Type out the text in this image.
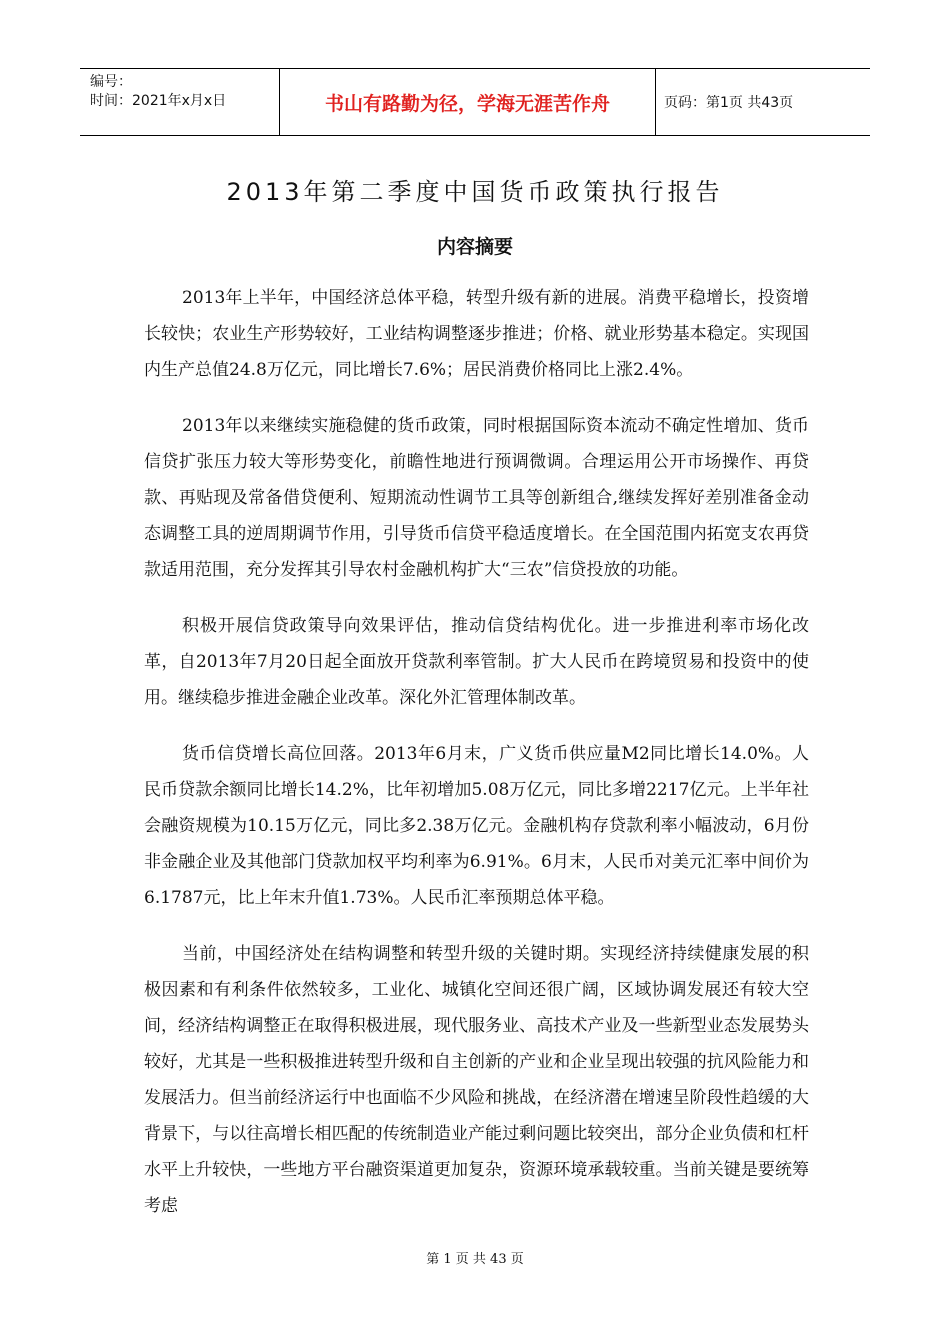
编号：
时间：2021年x月x日	书山有路勤为径，学海无涯苦作舟	页码：第1页 共43页
2013年第二季度中国货币政策执行报告
内容摘要

2013年上半年，中国经济总体平稳，转型升级有新的进展。消费平稳增长，投资增长较快；农业生产形势较好，工业结构调整逐步推进；价格、就业形势基本稳定。实现国内生产总值24.8万亿元，同比增长7.6%；居民消费价格同比上涨2.4%。

2013年以来继续实施稳健的货币政策，同时根据国际资本流动不确定性增加、货币信贷扩张压力较大等形势变化，前瞻性地进行预调微调。合理运用公开市场操作、再贷款、再贴现及常备借贷便利、短期流动性调节工具等创新组合,继续发挥好差别准备金动态调整工具的逆周期调节作用，引导货币信贷平稳适度增长。在全国范围内拓宽支农再贷款适用范围，充分发挥其引导农村金融机构扩大“三农”信贷投放的功能。

积极开展信贷政策导向效果评估，推动信贷结构优化。进一步推进利率市场化改革，自2013年7月20日起全面放开贷款利率管制。扩大人民币在跨境贸易和投资中的使用。继续稳步推进金融企业改革。深化外汇管理体制改革。

货币信贷增长高位回落。2013年6月末，广义货币供应量M2同比增长14.0%。人民币贷款余额同比增长14.2%，比年初增加5.08万亿元，同比多增2217亿元。上半年社会融资规模为10.15万亿元，同比多2.38万亿元。金融机构存贷款利率小幅波动，6月份非金融企业及其他部门贷款加权平均利率为6.91%。6月末，人民币对美元汇率中间价为6.1787元，比上年末升值1.73%。人民币汇率预期总体平稳。

当前，中国经济处在结构调整和转型升级的关键时期。实现经济持续健康发展的积极因素和有利条件依然较多，工业化、城镇化空间还很广阔，区域协调发展还有较大空间，经济结构调整正在取得积极进展，现代服务业、高技术产业及一些新型业态发展势头较好，尤其是一些积极推进转型升级和自主创新的产业和企业呈现出较强的抗风险能力和发展活力。但当前经济运行中也面临不少风险和挑战，在经济潜在增速呈阶段性趋缓的大背景下，与以往高增长相匹配的传统制造业产能过剩问题比较突出，部分企业负债和杠杆水平上升较快，一些地方平台融资渠道更加复杂，资源环境承载较重。当前关键是要统筹考虑

第 1 页 共 43 页
